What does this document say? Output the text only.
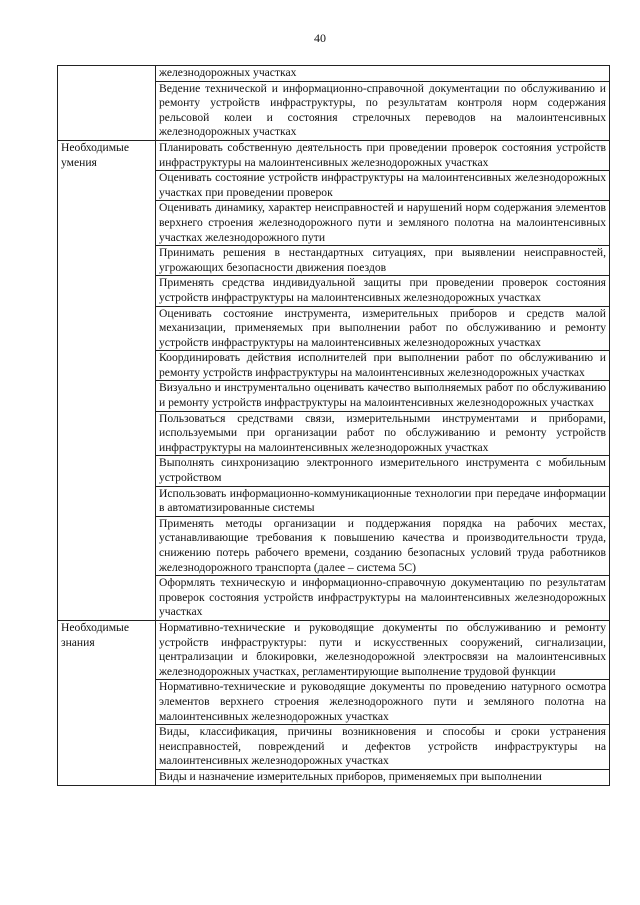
40
	железнодорожных участках
	Ведение технической и информационно-справочной документации по обслуживанию и ремонту устройств инфраструктуры, по результатам контроля норм содержания рельсовой колеи и состояния стрелочных переводов на малоинтенсивных железнодорожных участках
Необходимые умения	Планировать собственную деятельность при проведении проверок состояния устройств инфраструктуры на малоинтенсивных железнодорожных участках
	Оценивать состояние устройств инфраструктуры на малоинтенсивных железнодорожных участках при проведении проверок
	Оценивать динамику, характер неисправностей и нарушений норм содержания элементов верхнего строения железнодорожного пути и земляного полотна на малоинтенсивных участках железнодорожного пути
	Принимать решения в нестандартных ситуациях, при выявлении неисправностей, угрожающих безопасности движения поездов
	Применять средства индивидуальной защиты при проведении проверок состояния устройств инфраструктуры на малоинтенсивных железнодорожных участках
	Оценивать состояние инструмента, измерительных приборов и средств малой механизации, применяемых при выполнении работ по обслуживанию и ремонту устройств инфраструктуры на малоинтенсивных железнодорожных участках
	Координировать действия исполнителей при выполнении работ по обслуживанию и ремонту устройств инфраструктуры на малоинтенсивных железнодорожных участках
	Визуально и инструментально оценивать качество выполняемых работ по обслуживанию и ремонту устройств инфраструктуры на малоинтенсивных железнодорожных участках
	Пользоваться средствами связи, измерительными инструментами и приборами, используемыми при организации работ по обслуживанию и ремонту устройств инфраструктуры на малоинтенсивных железнодорожных участках
	Выполнять синхронизацию электронного измерительного инструмента с мобильным устройством
	Использовать информационно-коммуникационные технологии при передаче информации в автоматизированные системы
	Применять методы организации и поддержания порядка на рабочих местах, устанавливающие требования к повышению качества и производительности труда, снижению потерь рабочего времени, созданию безопасных условий труда работников железнодорожного транспорта (далее – система 5С)
	Оформлять техническую и информационно-справочную документацию по результатам проверок состояния устройств инфраструктуры на малоинтенсивных железнодорожных участках
Необходимые знания	Нормативно-технические и руководящие документы по обслуживанию и ремонту устройств инфраструктуры: пути и искусственных сооружений, сигнализации, централизации и блокировки, железнодорожной электросвязи на малоинтенсивных железнодорожных участках, регламентирующие выполнение трудовой функции
	Нормативно-технические и руководящие документы по проведению натурного осмотра элементов верхнего строения железнодорожного пути и земляного полотна на малоинтенсивных железнодорожных участках
	Виды, классификация, причины возникновения и способы и сроки устранения неисправностей, повреждений и дефектов устройств инфраструктуры на малоинтенсивных железнодорожных участках
	Виды и назначение измерительных приборов, применяемых при выполнении
